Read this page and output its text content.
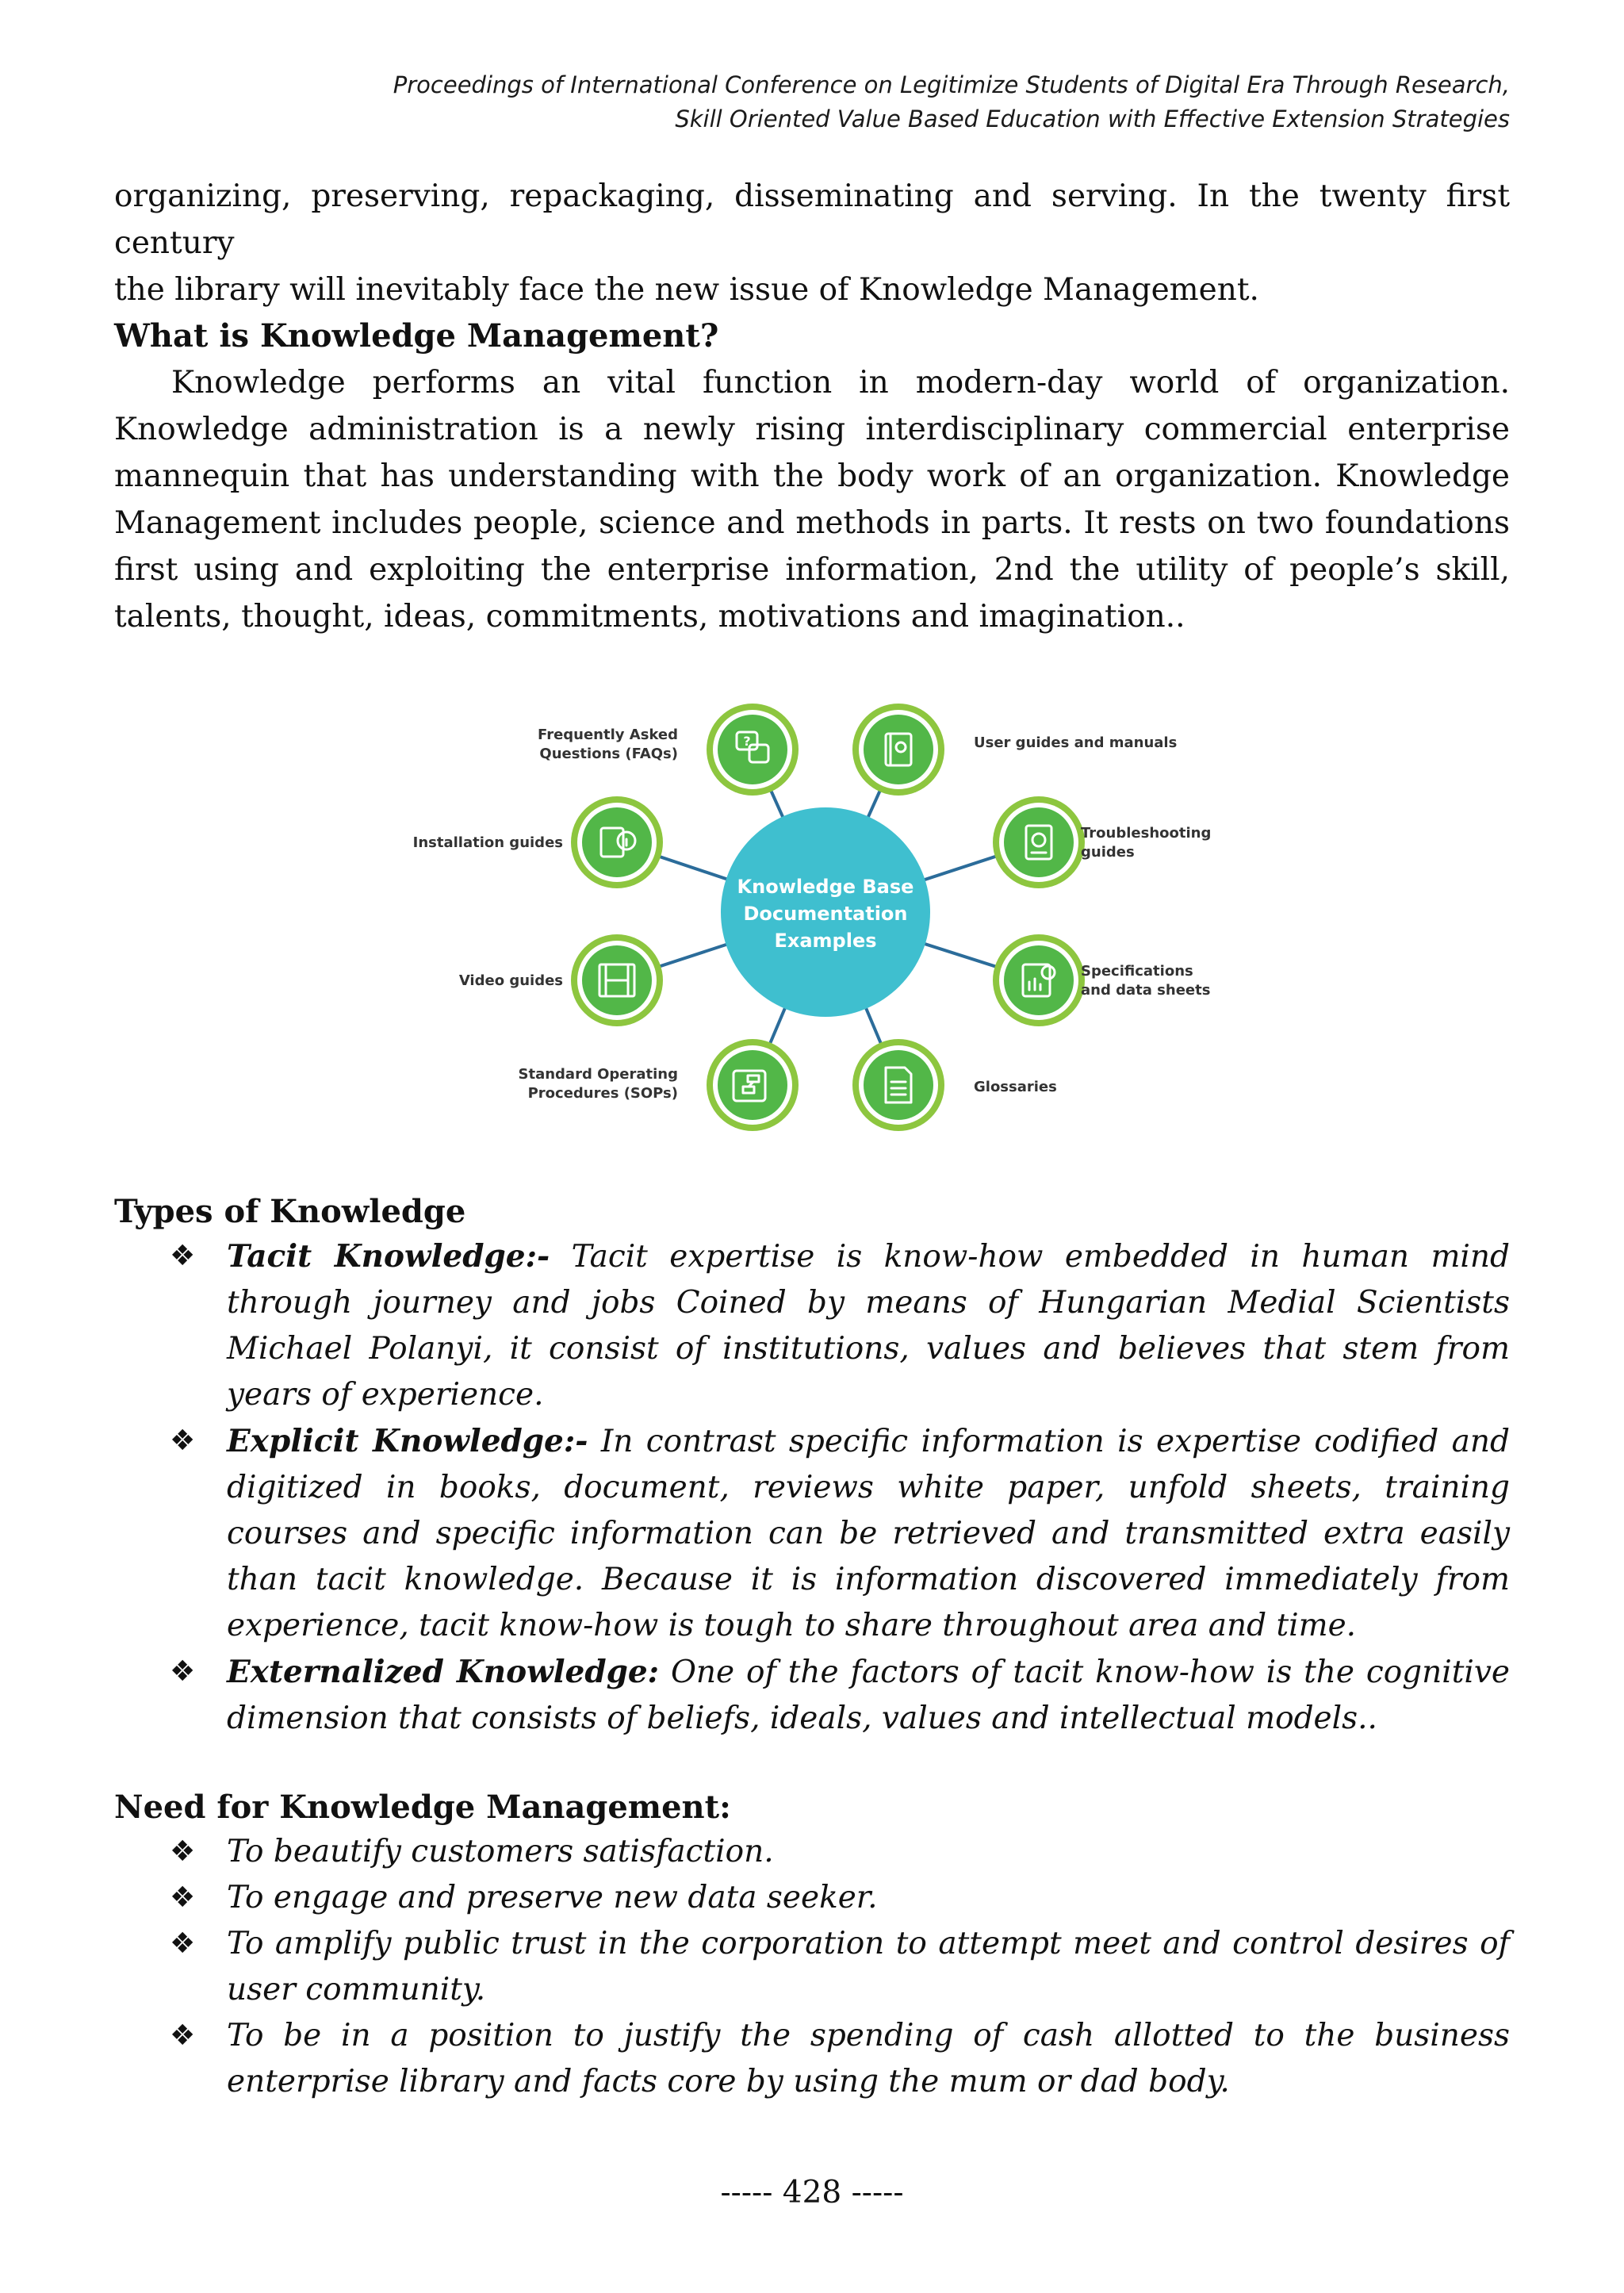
Proceedings of International Conference on Legitimize Students of Digital Era Through Research,
Skill Oriented Value Based Education with Effective Extension Strategies
organizing, preserving, repackaging, disseminating and serving. In the twenty first century
the library will inevitably face the new issue of Knowledge Management.
What is Knowledge Management?
Knowledge performs an vital function in modern-day world of organization. Knowledge administration is a newly rising interdisciplinary commercial enterprise mannequin that has understanding with the body work of an organization. Knowledge Management includes people, science and methods in parts. It rests on two foundations first using and exploiting the enterprise information, 2nd the utility of people’s skill, talents, thought, ideas, commitments, motivations and imagination..
?
Frequently Asked
Questions (FAQs)
User guides and manuals
Installation guides
Troubleshooting
guides
Video guides
Specifications
and data sheets
Standard Operating
Procedures (SOPs)	Glossaries
Knowledge Base
Documentation
Examples
Types of Knowledge
❖ Tacit Knowledge:- Tacit expertise is know-how embedded in human mind through journey and jobs Coined by means of Hungarian Medial Scientists Michael Polanyi, it consist of institutions, values and believes that stem from years of experience.
❖ Explicit Knowledge:- In contrast specific information is expertise codified and digitized in books, document, reviews white paper, unfold sheets, training courses and specific information can be retrieved and transmitted extra easily than tacit knowledge. Because it is information discovered immediately from experience, tacit know-how is tough to share throughout area and time.
❖ Externalized Knowledge: One of the factors of tacit know-how is the cognitive dimension that consists of beliefs, ideals, values and intellectual models..
Need for Knowledge Management:
❖ To beautify customers satisfaction.
❖ To engage and preserve new data seeker.
❖ To amplify public trust in the corporation to attempt meet and control desires of user community.
❖ To be in a position to justify the spending of cash allotted to the business enterprise library and facts core by using the mum or dad body.
----- 428 -----
